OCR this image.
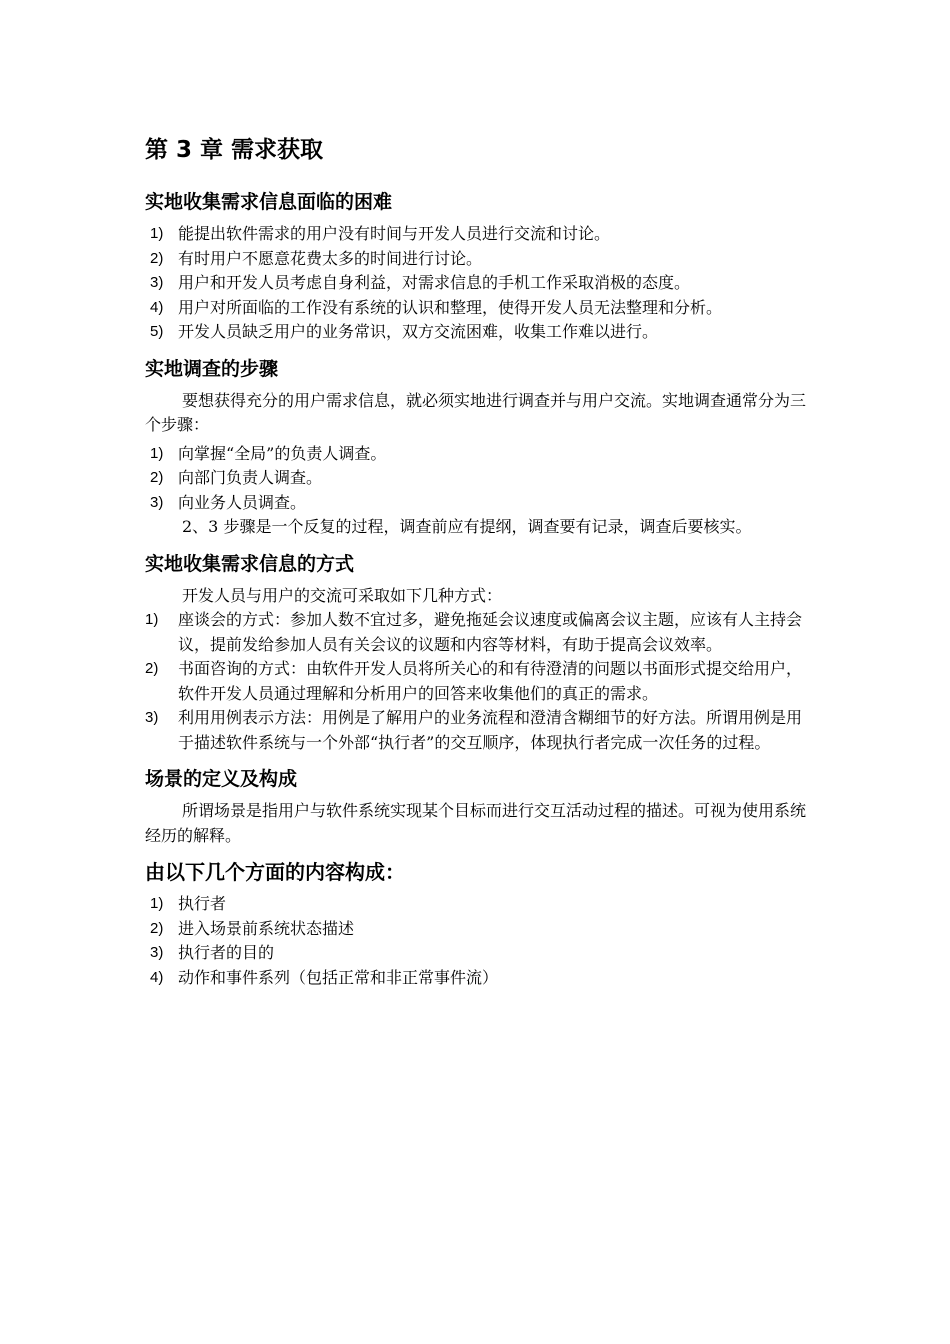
第 3 章 需求获取
实地收集需求信息面临的困难
1) 能提出软件需求的用户没有时间与开发人员进行交流和讨论。
2) 有时用户不愿意花费太多的时间进行讨论。
3) 用户和开发人员考虑自身利益，对需求信息的手机工作采取消极的态度。
4) 用户对所面临的工作没有系统的认识和整理，使得开发人员无法整理和分析。
5) 开发人员缺乏用户的业务常识，双方交流困难，收集工作难以进行。
实地调查的步骤

要想获得充分的用户需求信息，就必须实地进行调查并与用户交流。实地调查通常分为三个步骤：

1) 向掌握“全局”的负责人调查。
2) 向部门负责人调查。
3) 向业务人员调查。

2、3 步骤是一个反复的过程，调查前应有提纲，调查要有记录，调查后要核实。

实地收集需求信息的方式

开发人员与用户的交流可采取如下几种方式：

1) 座谈会的方式：参加人数不宜过多，避免拖延会议速度或偏离会议主题，应该有人主持会议，提前发给参加人员有关会议的议题和内容等材料，有助于提高会议效率。
2) 书面咨询的方式：由软件开发人员将所关心的和有待澄清的问题以书面形式提交给用户，软件开发人员通过理解和分析用户的回答来收集他们的真正的需求。
3) 利用用例表示方法：用例是了解用户的业务流程和澄清含糊细节的好方法。所谓用例是用于描述软件系统与一个外部“执行者”的交互顺序，体现执行者完成一次任务的过程。
场景的定义及构成

所谓场景是指用户与软件系统实现某个目标而进行交互活动过程的描述。可视为使用系统经历的解释。

由以下几个方面的内容构成：
1) 执行者
2) 进入场景前系统状态描述
3) 执行者的目的
4) 动作和事件系列（包括正常和非正常事件流）
